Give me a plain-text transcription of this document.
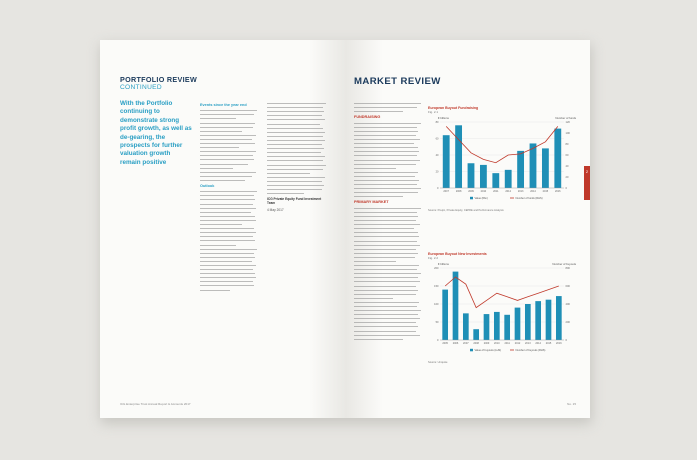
PORTFOLIO REVIEW
CONTINUED
With the Portfolio continuing to demonstrate strong profit growth, as well as de-gearing, the prospects for further valuation growth remain positive
Events since the year end
Outlook
ICG Private Equity Fund Investment Team
4 May 2017
ICG Enterprise Trust Annual Report & Accounts 2017
MARKET REVIEW
2
FUNDRAISING
PRIMARY MARKET
European Buyout Fundraising
Fig. 2.1
€ billions	Number of funds
0
20
40
60
80
0
20
40
60
80
100
120
2007	2008	2009	2010	2011	2012	2013	2014	2015	2016
Value (€bn)	Number of funds (RHS)
Source: Preqin, Private Equity, CEPRE and Performance Analysis
European Buyout New Investments
Fig. 2.2
€ billions	Number of buyouts
0
50
100
150
200
0
200
400
600
800
2005 2006 2007 2008 2009 2010 2011 2012 2013 2014 2015 2016
Value of buyouts (LHS)	Number of buyouts (RHS)
Source: Unquote
No. 15
